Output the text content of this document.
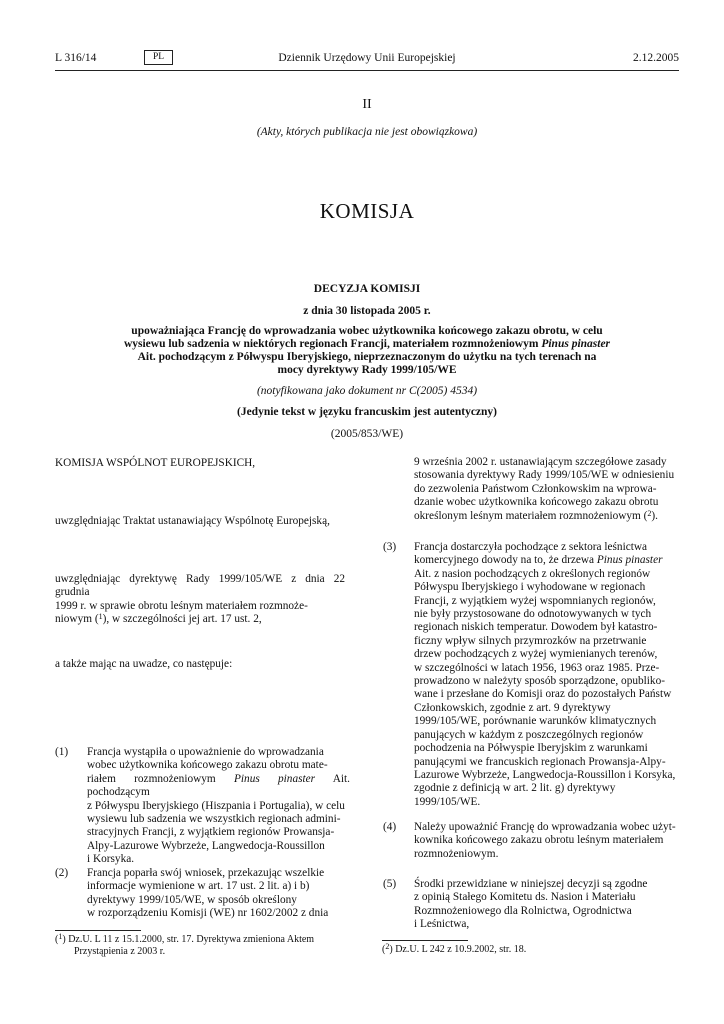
L 316/14	PL	Dziennik Urzędowy Unii Europejskiej	2.12.2005
II
(Akty, których publikacja nie jest obowiązkowa)
KOMISJA
DECYZJA KOMISJI
z dnia 30 listopada 2005 r.
upoważniająca Francję do wprowadzania wobec użytkownika końcowego zakazu obrotu, w celu
wysiewu lub sadzenia w niektórych regionach Francji, materiałem rozmnożeniowym Pinus pinaster
Ait. pochodzącym z Półwyspu Iberyjskiego, nieprzeznaczonym do użytku na tych terenach na
mocy dyrektywy Rady 1999/105/WE
(notyfikowana jako dokument nr C(2005) 4534)
(Jedynie tekst w języku francuskim jest autentyczny)
(2005/853/WE)
KOMISJA WSPÓLNOT EUROPEJSKICH,
uwzględniając Traktat ustanawiający Wspólnotę Europejską,
uwzględniając dyrektywę Rady 1999/105/WE z dnia 22 grudnia
1999 r. w sprawie obrotu leśnym materiałem rozmnoże-
niowym ($^1$), w szczególności jej art. 17 ust. 2,
a także mając na uwadze, co następuje:
(1) Francja wystąpiła o upoważnienie do wprowadzania
wobec użytkownika końcowego zakazu obrotu mate-
riałem rozmnożeniowym Pinus pinaster Ait. pochodzącym
z Półwyspu Iberyjskiego (Hiszpania i Portugalia), w celu
wysiewu lub sadzenia we wszystkich regionach admini-
stracyjnych Francji, z wyjątkiem regionów Prowansja-
Alpy-Lazurowe Wybrzeże, Langwedocja-Roussillon
i Korsyka.
(2) Francja poparła swój wniosek, przekazując wszelkie
informacje wymienione w art. 17 ust. 2 lit. a) i b)
dyrektywy 1999/105/WE, w sposób określony
w rozporządzeniu Komisji (WE) nr 1602/2002 z dnia
($^1$) Dz.U. L 11 z 15.1.2000, str. 17. Dyrektywa zmieniona Aktem
Przystąpienia z 2003 r.
9 września 2002 r. ustanawiającym szczegółowe zasady
stosowania dyrektywy Rady 1999/105/WE w odniesieniu
do zezwolenia Państwom Członkowskim na wprowa-
dzanie wobec użytkownika końcowego zakazu obrotu
określonym leśnym materiałem rozmnożeniowym ($^2$).
(3) Francja dostarczyła pochodzące z sektora leśnictwa
komercyjnego dowody na to, że drzewa Pinus pinaster
Ait. z nasion pochodzących z określonych regionów
Półwyspu Iberyjskiego i wyhodowane w regionach
Francji, z wyjątkiem wyżej wspomnianych regionów,
nie były przystosowane do odnotowywanych w tych
regionach niskich temperatur. Dowodem był katastro-
ficzny wpływ silnych przymrozków na przetrwanie
drzew pochodzących z wyżej wymienianych terenów,
w szczególności w latach 1956, 1963 oraz 1985. Prze-
prowadzono w należyty sposób sporządzone, opubliko-
wane i przesłane do Komisji oraz do pozostałych Państw
Członkowskich, zgodnie z art. 9 dyrektywy
1999/105/WE, porównanie warunków klimatycznych
panujących w każdym z poszczególnych regionów
pochodzenia na Półwyspie Iberyjskim z warunkami
panującymi we francuskich regionach Prowansja-Alpy-
Lazurowe Wybrzeże, Langwedocja-Roussillon i Korsyka,
zgodnie z definicją w art. 2 lit. g) dyrektywy
1999/105/WE.
(4) Należy upoważnić Francję do wprowadzania wobec użyt-
kownika końcowego zakazu obrotu leśnym materiałem
rozmnożeniowym.
(5) Środki przewidziane w niniejszej decyzji są zgodne
z opinią Stałego Komitetu ds. Nasion i Materiału
Rozmnożeniowego dla Rolnictwa, Ogrodnictwa
i Leśnictwa,
($^2$) Dz.U. L 242 z 10.9.2002, str. 18.
